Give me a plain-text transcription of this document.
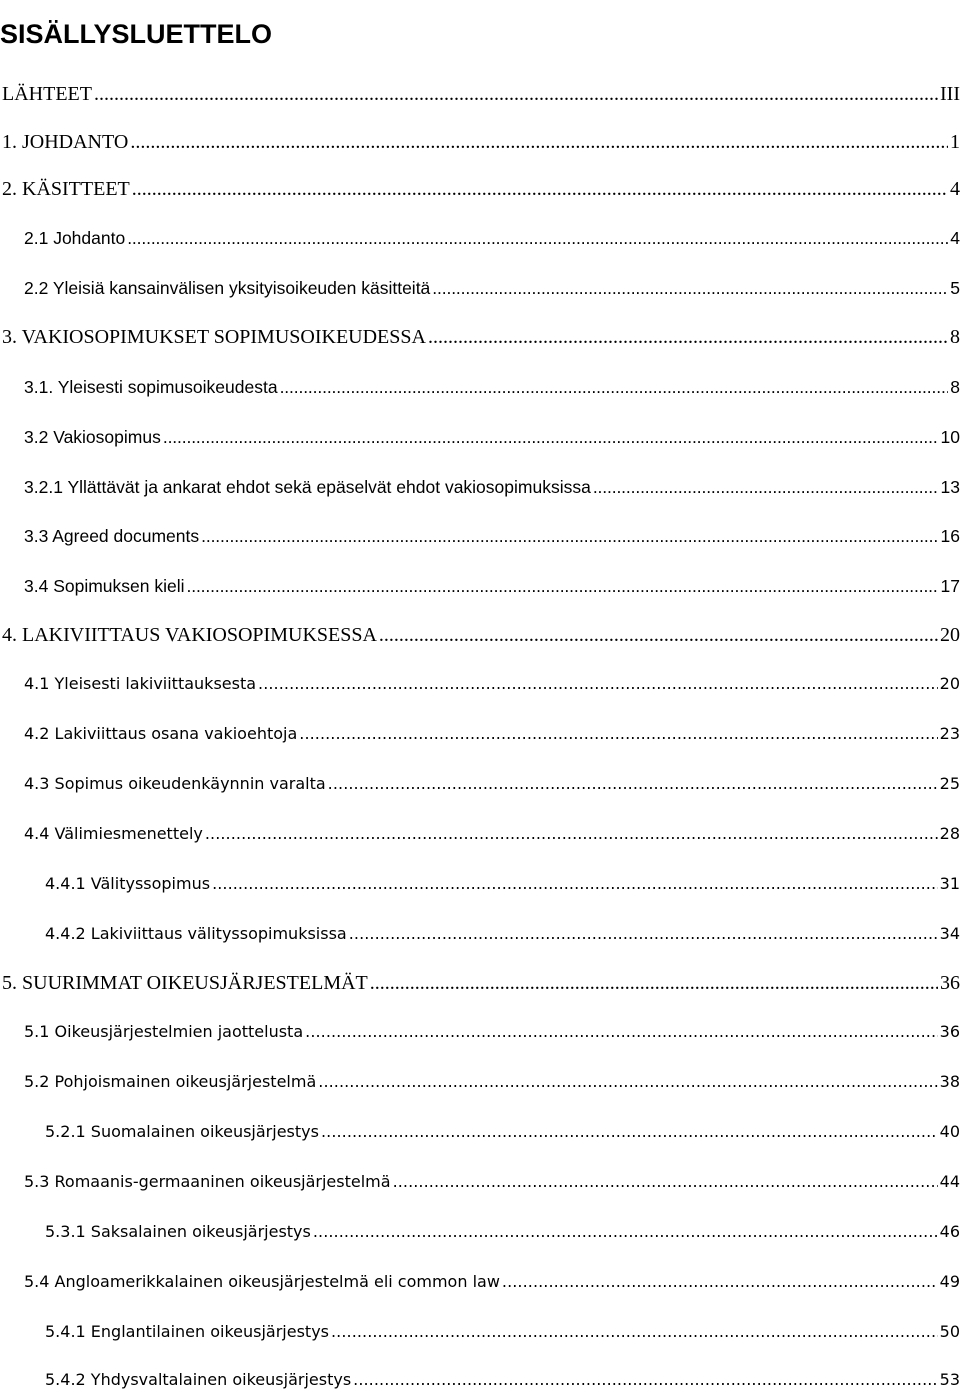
SISÄLLYSLUETTELO
LÄHTEET . . .	III
1. JOHDANTO . . .	1
2. KÄSITTEET . . .	4
2.1 Johdanto . . .	4
2.2 Yleisiä kansainvälisen yksityisoikeuden käsitteitä . . .	5
3. VAKIOSOPIMUKSET SOPIMUSOIKEUDESSA . . .	8
3.1. Yleisesti sopimusoikeudesta . . .	8
3.2 Vakiosopimus . . .	10
3.2.1 Yllättävät ja ankarat ehdot sekä epäselvät ehdot vakiosopimuksissa . . .	13
3.3 Agreed documents . . .	16
3.4 Sopimuksen kieli . . .	17
4. LAKIVIITTAUS VAKIOSOPIMUKSESSA . . .	20
4.1 Yleisesti lakiviittauksesta . . .	20
4.2 Lakiviittaus osana vakioehtoja . . .	23
4.3 Sopimus oikeudenkäynnin varalta . . .	25
4.4 Välimiesmenettely . . .	28
4.4.1 Välityssopimus . . .	31
4.4.2 Lakiviittaus välityssopimuksissa . . .	34
5. SUURIMMAT OIKEUSJÄRJESTELMÄT . . .	36
5.1 Oikeusjärjestelmien jaottelusta . . .	36
5.2 Pohjoismainen oikeusjärjestelmä . . .	38
5.2.1 Suomalainen oikeusjärjestys . . .	40
5.3 Romaanis-germaaninen oikeusjärjestelmä . . .	44
5.3.1 Saksalainen oikeusjärjestys . . .	46
5.4 Angloamerikkalainen oikeusjärjestelmä eli common law . . .	49
5.4.1 Englantilainen oikeusjärjestys . . .	50
5.4.2 Yhdysvaltalainen oikeusjärjestys . . .	53
